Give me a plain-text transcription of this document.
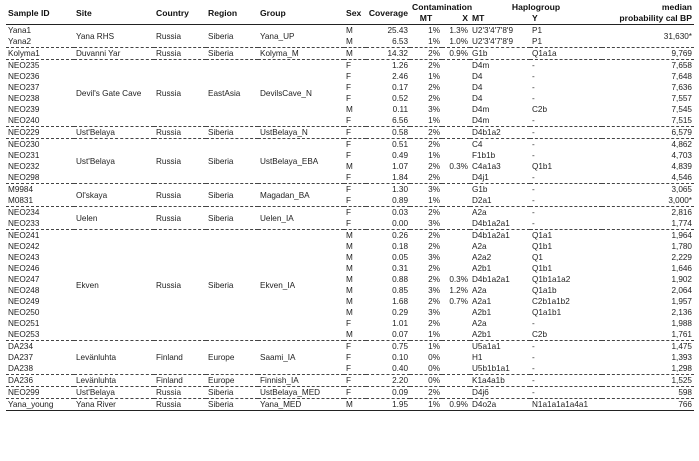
Sample ID	Site	Country	Region	Group	Sex	Coverage	Contamination		Haplogroup		median
							MT	X	MT	Y	probability cal BP
Yana1	Yana RHS	Russia	Siberia	Yana_UP	M	25.43	1%	1.3%	U2'3'4'7'8'9	P1	31,630*
Yana2					M	6.53	1%	1.0%	U2'3'4'7'8'9	P1	
Kolyma1	Duvanni Yar	Russia	Siberia	Kolyma_M	M	14.32	2%	0.9%	G1b	Q1a1a	9,769
NEO235	Devil's Gate Cave	Russia	EastAsia	DevilsCave_N	F	1.26	2%		D4m	-	7,658
NEO236					F	2.46	1%		D4	-	7,648
NEO237					F	0.17	2%		D4	-	7,636
NEO238					F	0.52	2%		D4	-	7,557
NEO239					M	0.11	3%		D4m	C2b	7,545
NEO240					F	6.56	1%		D4m	-	7,515
NEO229	Ust'Belaya	Russia	Siberia	UstBelaya_N	F	0.58	2%		D4b1a2	-	6,579
NEO230	Ust'Belaya	Russia	Siberia	UstBelaya_EBA	F	0.51	2%		C4	-	4,862
NEO231					F	0.49	1%		F1b1b	-	4,703
NEO232					M	1.07	2%	0.3%	C4a1a3	Q1b1	4,839
NEO298					F	1.84	2%		D4j1	-	4,546
M9984	Ol'skaya	Russia	Siberia	Magadan_BA	F	1.30	3%		G1b	-	3,065
M0831					F	0.89	1%		D2a1	-	3,000*
NEO234	Uelen	Russia	Siberia	Uelen_IA	F	0.03	2%		A2a	-	2,816
NEO233					F	0.00	3%		D4b1a2a1	-	1,774
NEO241	Ekven	Russia	Siberia	Ekven_IA	M	0.26	2%		D4b1a2a1	Q1a1	1,964
NEO242					M	0.18	2%		A2a	Q1b1	1,780
NEO243					M	0.05	3%		A2a2	Q1	2,229
NEO246					M	0.31	2%		A2b1	Q1b1	1,646
NEO247					M	0.88	2%	0.3%	D4b1a2a1	Q1b1a1a2	1,902
NEO248					M	0.85	3%	1.2%	A2a	Q1a1b	2,064
NEO249					M	1.68	2%	0.7%	A2a1	C2b1a1b2	1,957
NEO250					M	0.29	3%		A2b1	Q1a1b1	2,136
NEO251					F	1.01	2%		A2a	-	1,988
NEO253					M	0.07	1%		A2b1	C2b	1,761
DA234	Levänluhta	Finland	Europe	Saami_IA	F	0.75	1%		U5a1a1	-	1,475
DA237					F	0.10	0%		H1	-	1,393
DA238					F	0.40	0%		U5b1b1a1	-	1,298
DA236	Levänluhta	Finland	Europe	Finnish_IA	F	2.20	0%		K1a4a1b	-	1,525
NEO299	Ust'Belaya	Russia	Siberia	UstBelaya_MED	F	0.09	2%		D4j6	-	598
Yana_young	Yana River	Russia	Siberia	Yana_MED	M	1.95	1%	0.9%	D4o2a	N1a1a1a1a4a1	766
